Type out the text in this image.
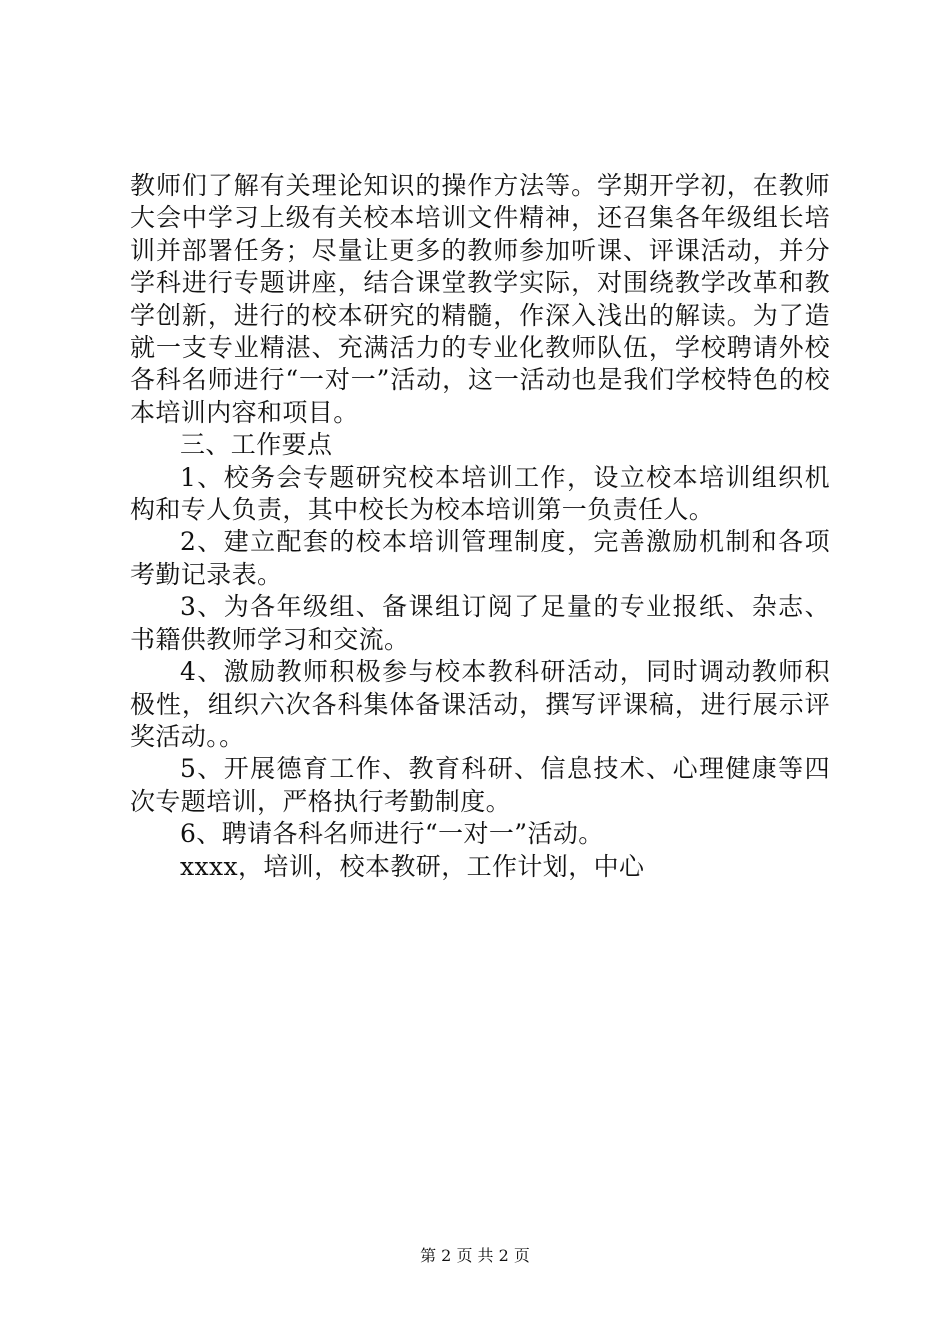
教师们了解有关理论知识的操作方法等。学期开学初，在教师大会中学习上级有关校本培训文件精神，还召集各年级组长培训并部署任务；尽量让更多的教师参加听课、评课活动，并分学科进行专题讲座，结合课堂教学实际，对围绕教学改革和教学创新，进行的校本研究的精髓，作深入浅出的解读。为了造就一支专业精湛、充满活力的专业化教师队伍，学校聘请外校各科名师进行“一对一”活动，这一活动也是我们学校特色的校本培训内容和项目。

三、工作要点

1、校务会专题研究校本培训工作，设立校本培训组织机构和专人负责，其中校长为校本培训第一负责任人。

2、建立配套的校本培训管理制度，完善激励机制和各项考勤记录表。

3、为各年级组、备课组订阅了足量的专业报纸、杂志、书籍供教师学习和交流。

4、激励教师积极参与校本教科研活动，同时调动教师积极性，组织六次各科集体备课活动，撰写评课稿，进行展示评奖活动。。

5、开展德育工作、教育科研、信息技术、心理健康等四次专题培训，严格执行考勤制度。

6、聘请各科名师进行“一对一”活动。

xxxx，培训，校本教研，工作计划，中心

第 2 页 共 2 页
